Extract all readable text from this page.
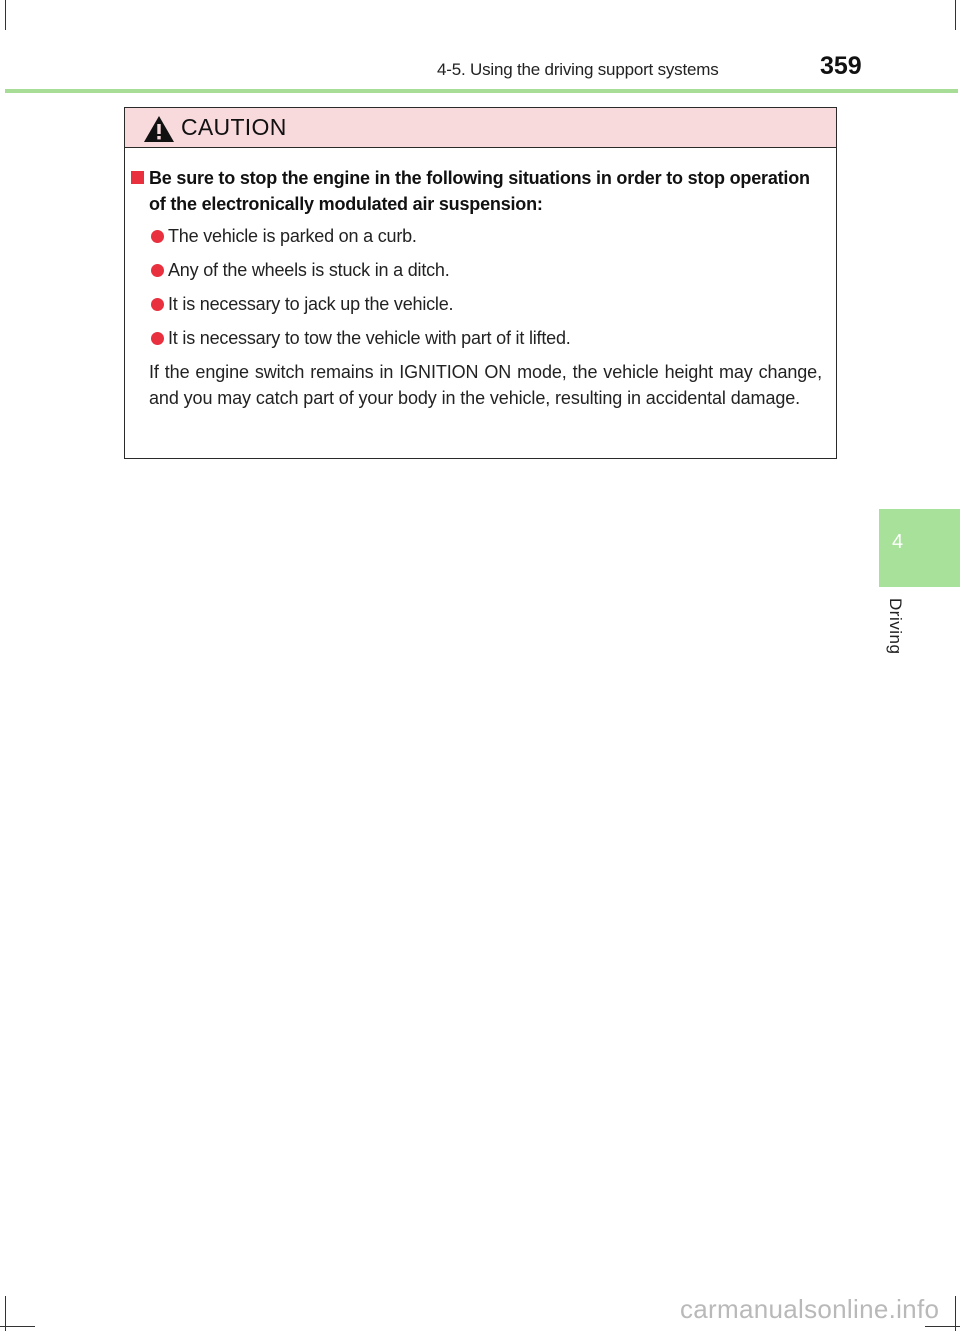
4-5. Using the driving support systems	359
4
Driving
CAUTION
Be sure to stop the engine in the following situations in order to stop operation of the electronically modulated air suspension:
The vehicle is parked on a curb.
Any of the wheels is stuck in a ditch.
It is necessary to jack up the vehicle.
It is necessary to tow the vehicle with part of it lifted.
If the engine switch remains in IGNITION ON mode, the vehicle height may change, and you may catch part of your body in the vehicle, resulting in accidental damage.
carmanualsonline.info
